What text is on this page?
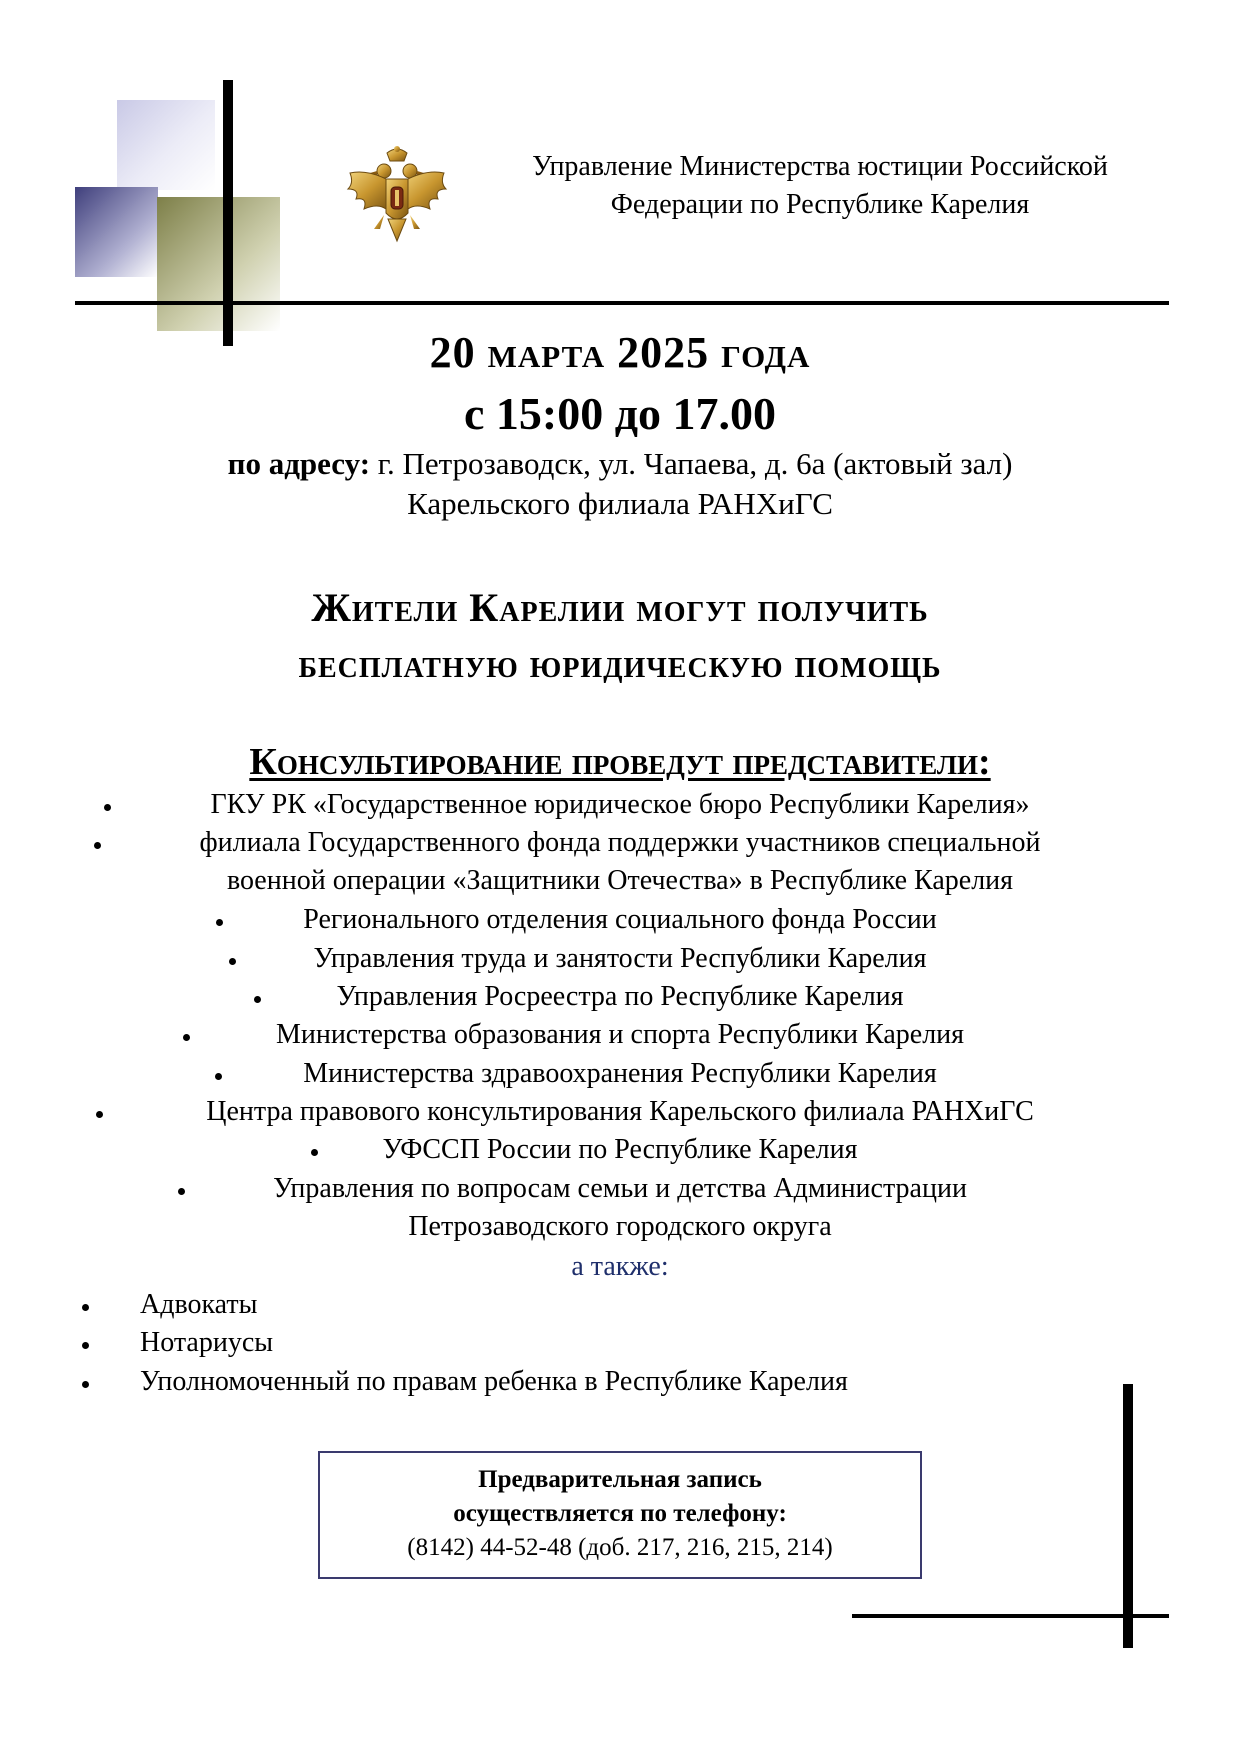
Управление Министерства юстиции Российской
Федерации по Республике Карелия
20 марта 2025 года
с 15:00 до 17.00
по адресу: г. Петрозаводск, ул. Чапаева, д. 6а (актовый зал)
Карельского филиала РАНХиГС
Жители Карелии могут получить
бесплатную юридическую помощь
Консультирование проведут представители:
ГКУ РК «Государственное юридическое бюро Республики Карелия»
филиала Государственного фонда поддержки участников специальной
военной операции «Защитники Отечества» в Республике Карелия
Регионального отделения социального фонда России
Управления труда и занятости Республики Карелия
Управления Росреестра по Республике Карелия
Министерства образования и спорта Республики Карелия
Министерства здравоохранения Республики Карелия
Центра правового консультирования Карельского филиала РАНХиГС
УФССП России по Республике Карелия
Управления по вопросам семьи и детства Администрации
Петрозаводского городского округа
а также:
Адвокаты
Нотариусы
Уполномоченный по правам ребенка в Республике Карелия
Предварительная запись
осуществляется по телефону:
(8142) 44-52-48 (доб. 217, 216, 215, 214)
